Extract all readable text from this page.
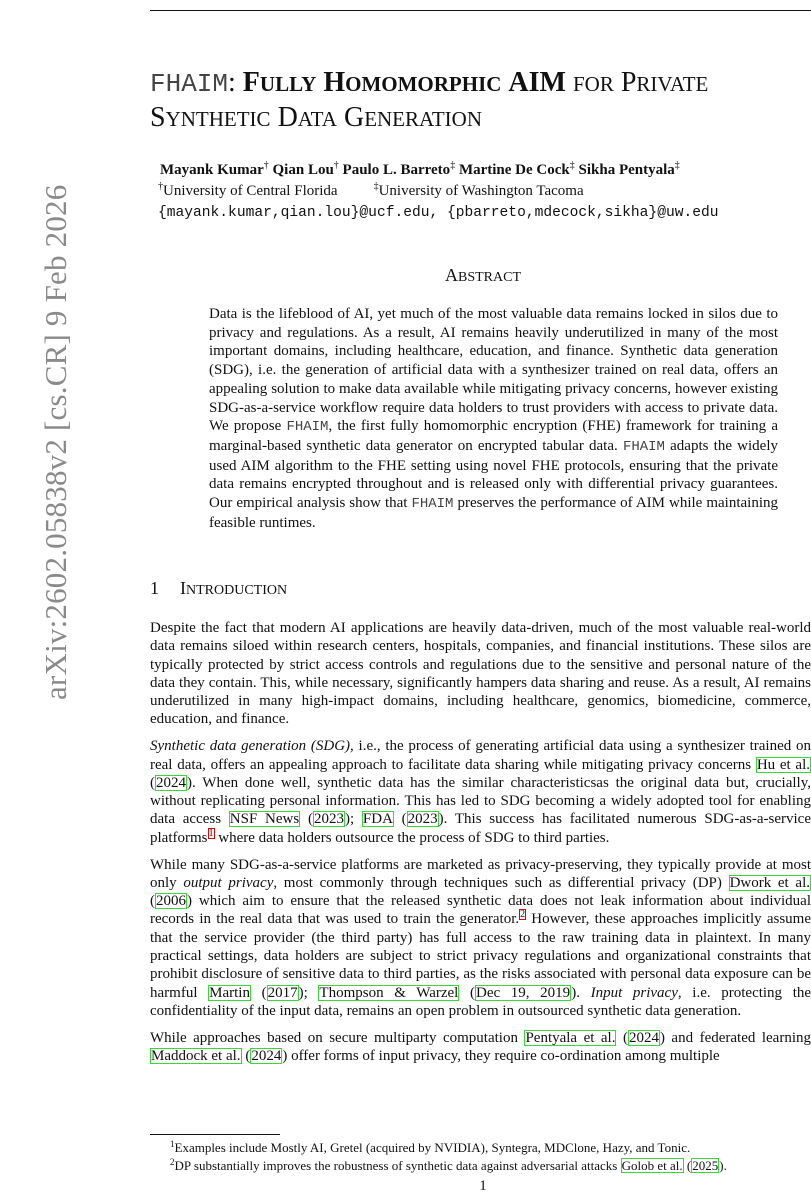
arXiv:2602.05838v2 [cs.CR] 9 Feb 2026
FHAIM: FULLY HOMOMORPHIC AIM FOR PRIVATE
SYNTHETIC DATA GENERATION
Mayank Kumar† Qian Lou† Paulo L. Barreto‡ Martine De Cock‡ Sikha Pentyala‡
†University of Central Florida	‡University of Washington Tacoma
{mayank.kumar,qian.lou}@ucf.edu, {pbarreto,mdecock,sikha}@uw.edu
ABSTRACT

Data is the lifeblood of AI, yet much of the most valuable data remains locked in silos due to privacy and regulations. As a result, AI remains heavily underutilized in many of the most important domains, including healthcare, education, and finance. Synthetic data generation (SDG), i.e. the generation of artificial data with a synthesizer trained on real data, offers an appealing solution to make data available while mitigating privacy concerns, however existing SDG-as-a-service workflow require data holders to trust providers with access to private data. We propose FHAIM, the first fully homomorphic encryption (FHE) framework for training a marginal-based synthetic data generator on encrypted tabular data. FHAIM adapts the widely used AIM algorithm to the FHE setting using novel FHE protocols, ensuring that the private data remains encrypted throughout and is released only with differential privacy guarantees. Our empirical analysis show that FHAIM preserves the performance of AIM while maintaining feasible runtimes.

1 INTRODUCTION

Despite the fact that modern AI applications are heavily data-driven, much of the most valuable real-world data remains siloed within research centers, hospitals, companies, and financial institutions. These silos are typically protected by strict access controls and regulations due to the sensitive and personal nature of the data they contain. This, while necessary, significantly hampers data sharing and reuse. As a result, AI remains underutilized in many high-impact domains, including healthcare, genomics, biomedicine, commerce, education, and finance.

Synthetic data generation (SDG), i.e., the process of generating artificial data using a synthesizer trained on real data, offers an appealing approach to facilitate data sharing while mitigating privacy concerns Hu et al. (2024). When done well, synthetic data has the similar characteristicsas the original data but, crucially, without replicating personal information. This has led to SDG becoming a widely adopted tool for enabling data access NSF News (2023); FDA (2023). This success has facilitated numerous SDG-as-a-service platforms$^1$ where data holders outsource the process of SDG to third parties.

While many SDG-as-a-service platforms are marketed as privacy-preserving, they typically provide at most only output privacy, most commonly through techniques such as differential privacy (DP) Dwork et al. (2006) which aim to ensure that the released synthetic data does not leak information about individual records in the real data that was used to train the generator.$^2$ However, these approaches implicitly assume that the service provider (the third party) has full access to the raw training data in plaintext. In many practical settings, data holders are subject to strict privacy regulations and organizational constraints that prohibit disclosure of sensitive data to third parties, as the risks associated with personal data exposure can be harmful Martin (2017); Thompson & Warzel (Dec 19, 2019). Input privacy, i.e. protecting the confidentiality of the input data, remains an open problem in outsourced synthetic data generation.

While approaches based on secure multiparty computation Pentyala et al. (2024) and federated learning Maddock et al. (2024) offer forms of input privacy, they require co-ordination among multiple

$^1$Examples include Mostly AI, Gretel (acquired by NVIDIA), Syntegra, MDClone, Hazy, and Tonic.
$^2$DP substantially improves the robustness of synthetic data against adversarial attacks Golob et al. (2025).
1
